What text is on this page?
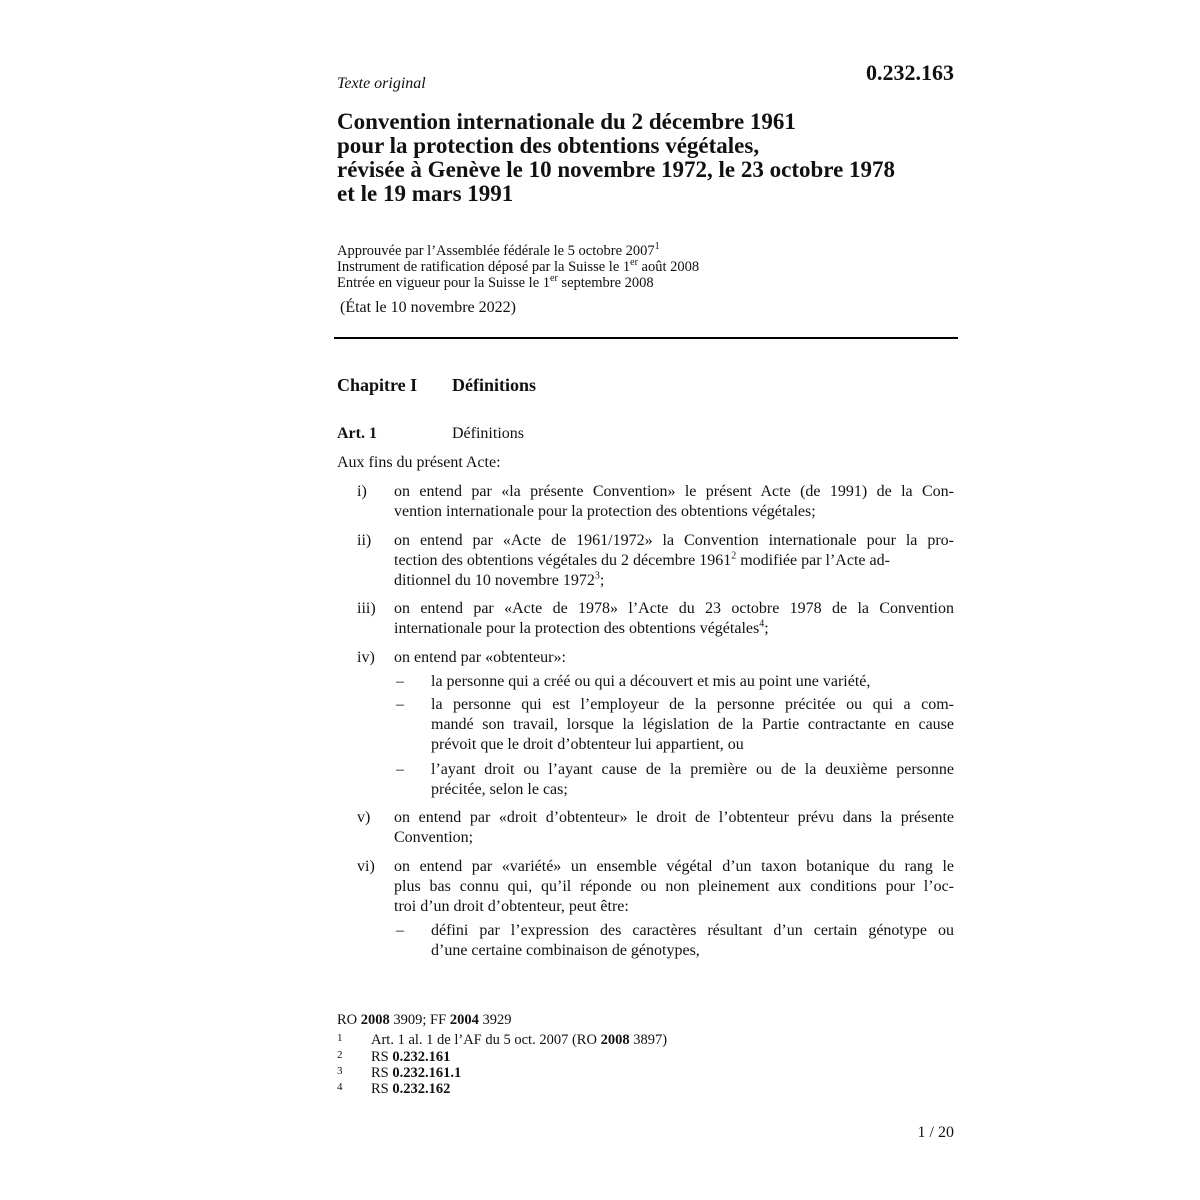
0.232.163
Texte original
Convention internationale du 2 décembre 1961
pour la protection des obtentions végétales,
révisée à Genève le 10 novembre 1972, le 23 octobre 1978
et le 19 mars 1991
Approuvée par l’Assemblée fédérale le 5 octobre 2007$^1$
Instrument de ratification déposé par la Suisse le 1er août 2008
Entrée en vigueur pour la Suisse le 1er septembre 2008
(État le 10 novembre 2022)
Chapitre I Définitions
Art. 1	Définitions
Aux fins du présent Acte:
i) on entend par «la présente Convention» le présent Acte (de 1991) de la Con-
vention internationale pour la protection des obtentions végétales;
ii) on entend par «Acte de 1961/1972» la Convention internationale pour la pro-
tection des obtentions végétales du 2 décembre 1961$^2$ modifiée par l’Acte ad-
ditionnel du 10 novembre 1972$^3$;
iii) on entend par «Acte de 1978» l’Acte du 23 octobre 1978 de la Convention
internationale pour la protection des obtentions végétales$^4$;
iv) on entend par «obtenteur»:
– la personne qui a créé ou qui a découvert et mis au point une variété,
– la personne qui est l’employeur de la personne précitée ou qui a com-
mandé son travail, lorsque la législation de la Partie contractante en cause
prévoit que le droit d’obtenteur lui appartient, ou
– l’ayant droit ou l’ayant cause de la première ou de la deuxième personne
précitée, selon le cas;
v) on entend par «droit d’obtenteur» le droit de l’obtenteur prévu dans la présente
Convention;
vi) on entend par «variété» un ensemble végétal d’un taxon botanique du rang le
plus bas connu qui, qu’il réponde ou non pleinement aux conditions pour l’oc-
troi d’un droit d’obtenteur, peut être:
– défini par l’expression des caractères résultant d’un certain génotype ou
d’une certaine combinaison de génotypes,
RO 2008 3909; FF 2004 3929
1 Art. 1 al. 1 de l’AF du 5 oct. 2007 (RO 2008 3897)
2 RS 0.232.161
3 RS 0.232.161.1
4 RS 0.232.162
1 / 20
